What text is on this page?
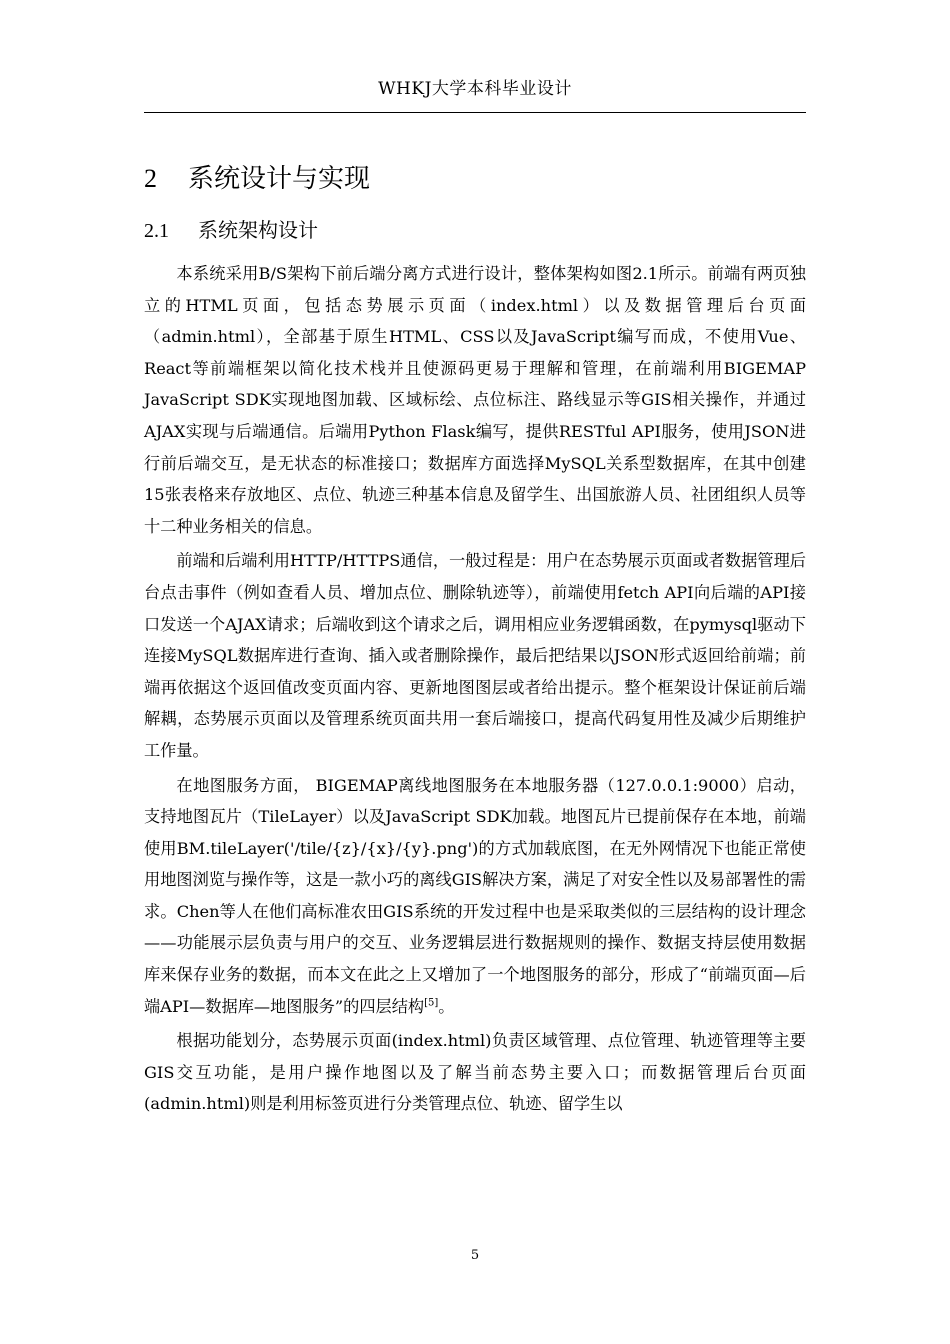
WHKJ大学本科毕业设计
2 系统设计与实现
2.1 系统架构设计

本系统采用B/S架构下前后端分离方式进行设计，整体架构如图2.1所示。前端有两页独立的HTML页面，包括态势展示页面（index.html）以及数据管理后台页面（admin.html），全部基于原生HTML、CSS以及JavaScript编写而成，不使用Vue、React等前端框架以简化技术栈并且使源码更易于理解和管理，在前端利用BIGEMAP JavaScript SDK实现地图加载、区域标绘、点位标注、路线显示等GIS相关操作，并通过AJAX实现与后端通信。后端用Python Flask编写，提供RESTful API服务，使用JSON进行前后端交互，是无状态的标准接口；数据库方面选择MySQL关系型数据库，在其中创建15张表格来存放地区、点位、轨迹三种基本信息及留学生、出国旅游人员、社团组织人员等十二种业务相关的信息。

前端和后端利用HTTP/HTTPS通信，一般过程是：用户在态势展示页面或者数据管理后台点击事件（例如查看人员、增加点位、删除轨迹等），前端使用fetch API向后端的API接口发送一个AJAX请求；后端收到这个请求之后，调用相应业务逻辑函数，在pymysql驱动下连接MySQL数据库进行查询、插入或者删除操作，最后把结果以JSON形式返回给前端；前端再依据这个返回值改变页面内容、更新地图图层或者给出提示。整个框架设计保证前后端解耦，态势展示页面以及管理系统页面共用一套后端接口，提高代码复用性及减少后期维护工作量。

在地图服务方面， BIGEMAP离线地图服务在本地服务器（127.0.0.1:9000）启动，支持地图瓦片（TileLayer）以及JavaScript SDK加载。地图瓦片已提前保存在本地，前端使用BM.tileLayer('/tile/{z}/{x}/{y}.png')的方式加载底图，在无外网情况下也能正常使用地图浏览与操作等，这是一款小巧的离线GIS解决方案，满足了对安全性以及易部署性的需求。Chen等人在他们高标准农田GIS系统的开发过程中也是采取类似的三层结构的设计理念——功能展示层负责与用户的交互、业务逻辑层进行数据规则的操作、数据支持层使用数据库来保存业务的数据，而本文在此之上又增加了一个地图服务的部分，形成了“前端页面—后端API—数据库—地图服务”的四层结构[5]。

根据功能划分，态势展示页面(index.html)负责区域管理、点位管理、轨迹管理等主要GIS交互功能，是用户操作地图以及了解当前态势主要入口；而数据管理后台页面(admin.html)则是利用标签页进行分类管理点位、轨迹、留学生以

5
